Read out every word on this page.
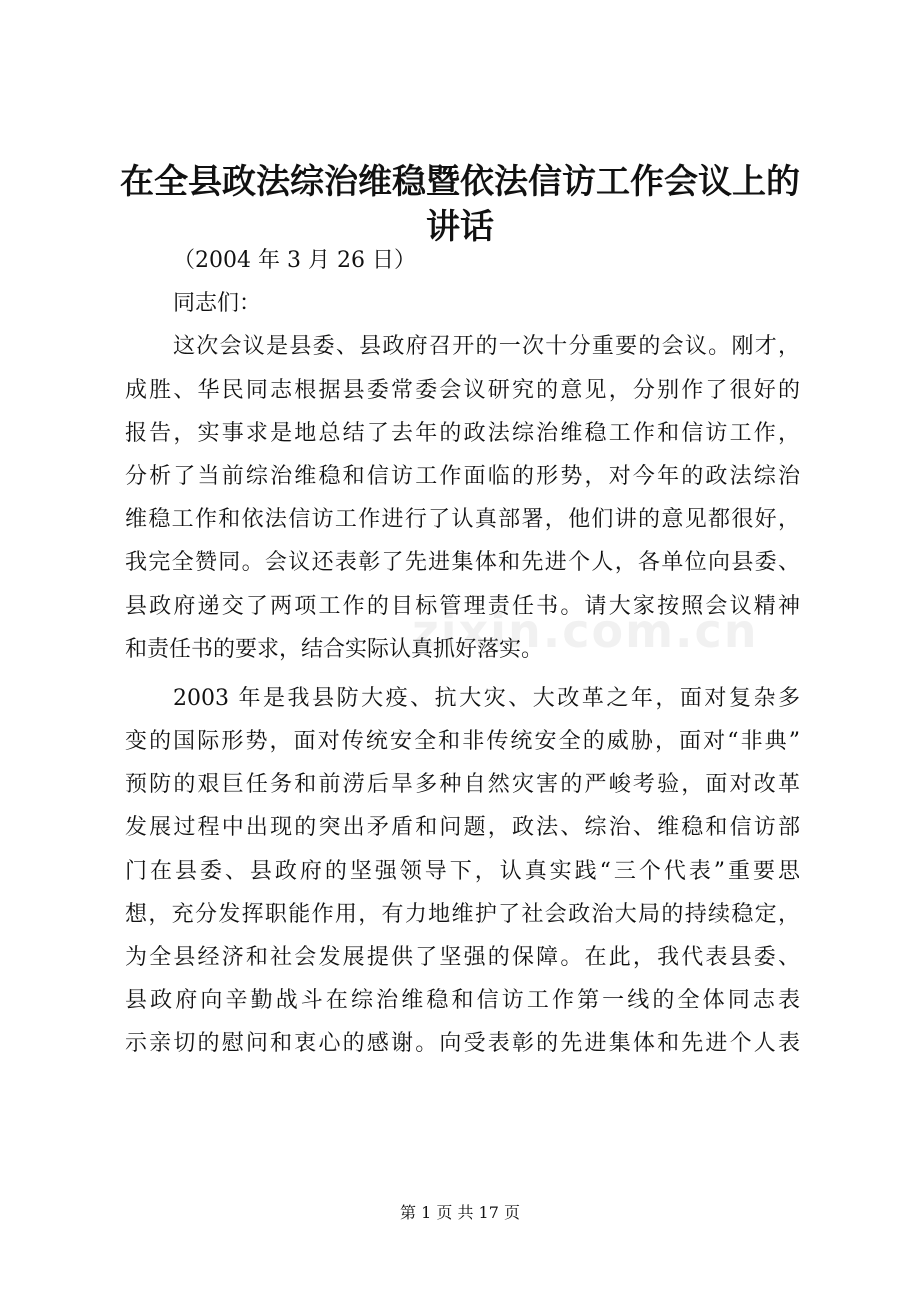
在全县政法综治维稳暨依法信访工作会议上的
讲话
zixin.com.cn
（2004 年 3 月 26 日）
同志们：
这次会议是县委、县政府召开的一次十分重要的会议。刚才，
成胜、华民同志根据县委常委会议研究的意见，分别作了很好的
报告，实事求是地总结了去年的政法综治维稳工作和信访工作，
分析了当前综治维稳和信访工作面临的形势，对今年的政法综治
维稳工作和依法信访工作进行了认真部署，他们讲的意见都很好，
我完全赞同。会议还表彰了先进集体和先进个人，各单位向县委、
县政府递交了两项工作的目标管理责任书。请大家按照会议精神
和责任书的要求，结合实际认真抓好落实。
2003 年是我县防大疫、抗大灾、大改革之年，面对复杂多
变的国际形势，面对传统安全和非传统安全的威胁，面对“非典”
预防的艰巨任务和前涝后旱多种自然灾害的严峻考验，面对改革
发展过程中出现的突出矛盾和问题，政法、综治、维稳和信访部
门在县委、县政府的坚强领导下，认真实践“三个代表”重要思
想，充分发挥职能作用，有力地维护了社会政治大局的持续稳定，
为全县经济和社会发展提供了坚强的保障。在此，我代表县委、
县政府向辛勤战斗在综治维稳和信访工作第一线的全体同志表
示亲切的慰问和衷心的感谢。向受表彰的先进集体和先进个人表
第 1 页 共 17 页
